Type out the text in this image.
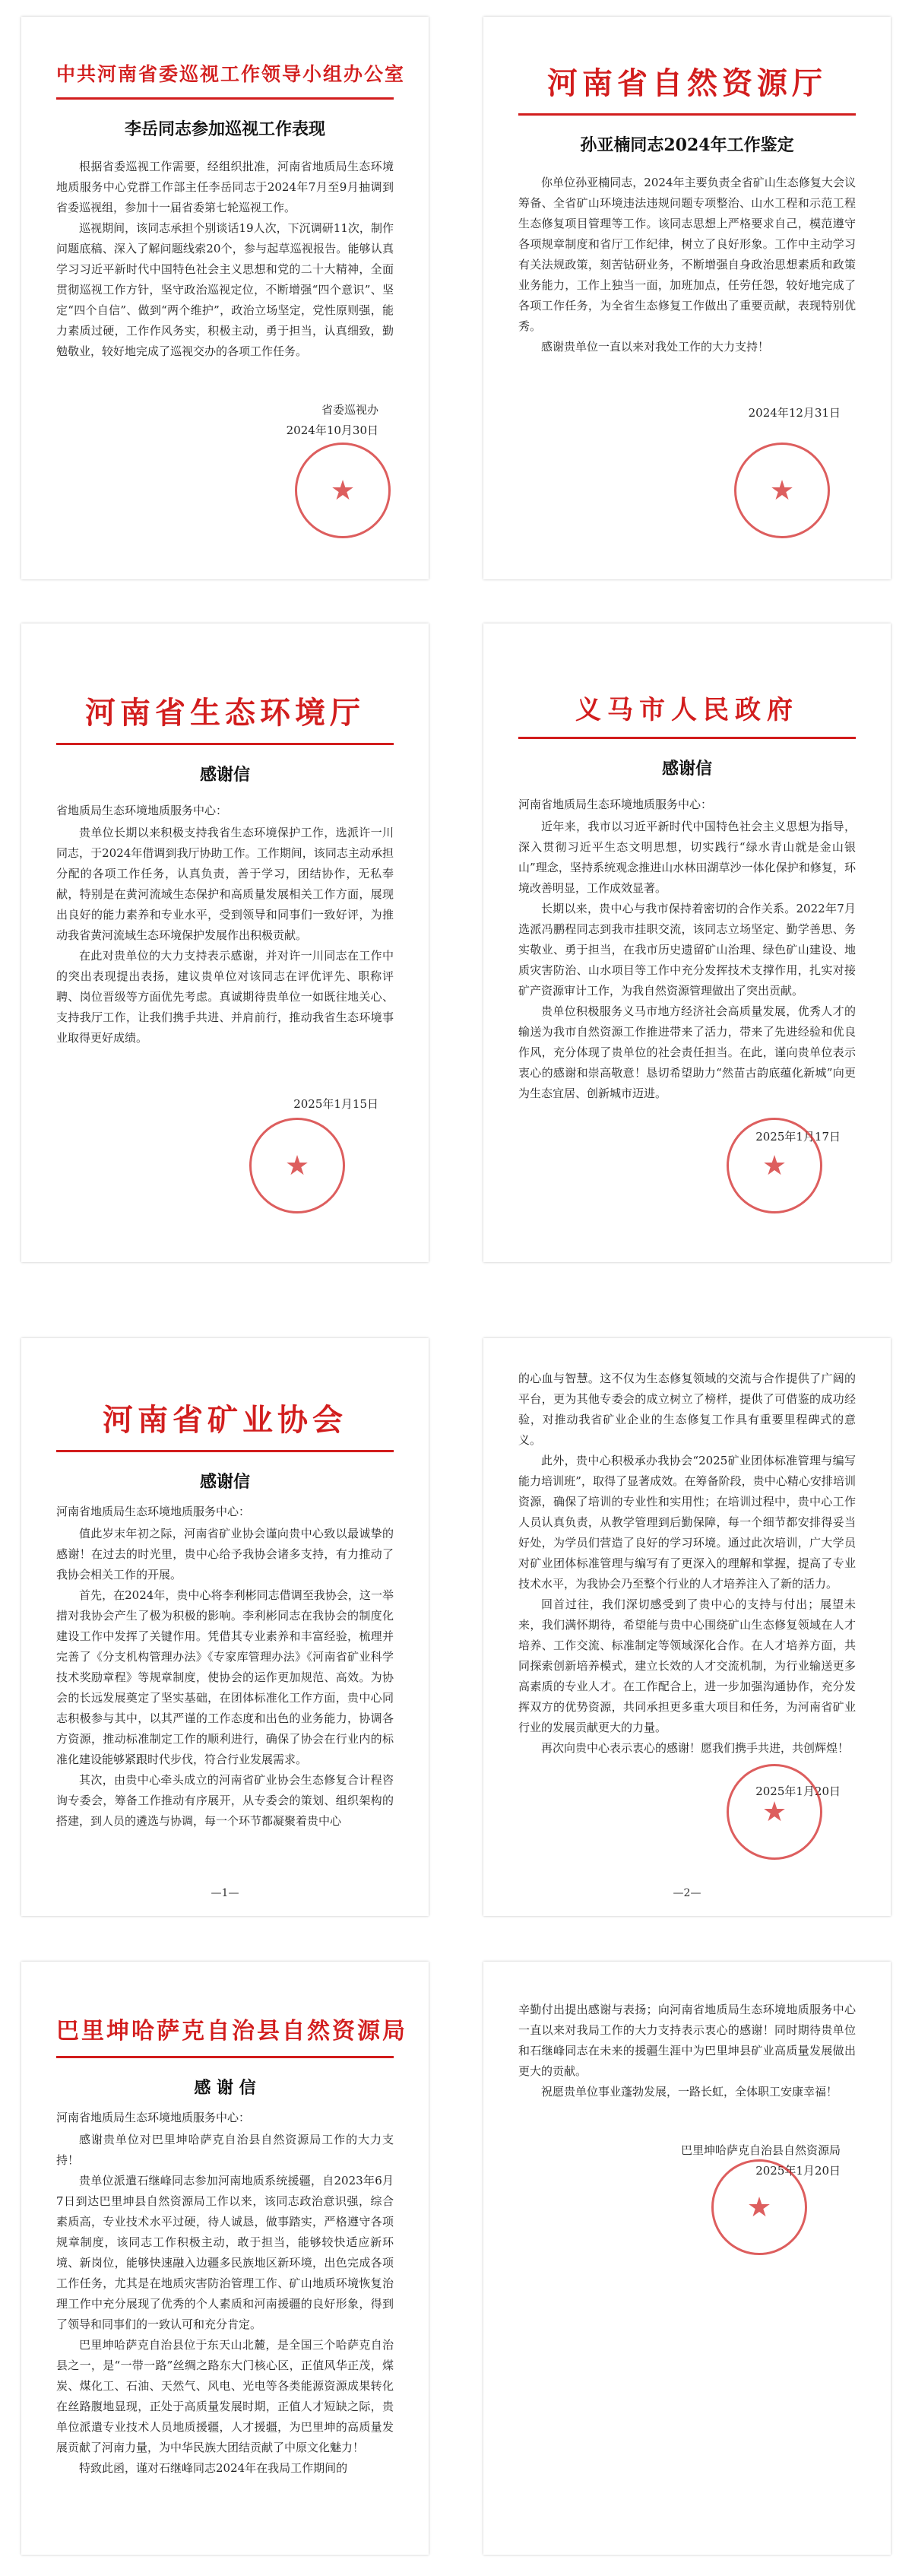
中共河南省委巡视工作领导小组办公室
李岳同志参加巡视工作表现

根据省委巡视工作需要，经组织批准，河南省地质局生态环境地质服务中心党群工作部主任李岳同志于2024年7月至9月抽调到省委巡视组，参加十一届省委第七轮巡视工作。

巡视期间，该同志承担个别谈话19人次，下沉调研11次，制作问题底稿、深入了解问题线索20个，参与起草巡视报告。能够认真学习习近平新时代中国特色社会主义思想和党的二十大精神，全面贯彻巡视工作方针，坚守政治巡视定位，不断增强“四个意识”、坚定“四个自信”、做到“两个维护”，政治立场坚定，党性原则强，能力素质过硬，工作作风务实，积极主动，勇于担当，认真细致，勤勉敬业，较好地完成了巡视交办的各项工作任务。

省委巡视办
2024年10月30日
★
河南省自然资源厅
孙亚楠同志2024年工作鉴定

你单位孙亚楠同志，2024年主要负责全省矿山生态修复大会议筹备、全省矿山环境违法违规问题专项整治、山水工程和示范工程生态修复项目管理等工作。该同志思想上严格要求自己，模范遵守各项规章制度和省厅工作纪律，树立了良好形象。工作中主动学习有关法规政策，刻苦钻研业务，不断增强自身政治思想素质和政策业务能力，工作上独当一面，加班加点，任劳任怨，较好地完成了各项工作任务，为全省生态修复工作做出了重要贡献，表现特别优秀。

感谢贵单位一直以来对我处工作的大力支持！

2024年12月31日
★
河南省生态环境厅
感谢信

省地质局生态环境地质服务中心：

贵单位长期以来积极支持我省生态环境保护工作，选派许一川同志，于2024年借调到我厅协助工作。工作期间，该同志主动承担分配的各项工作任务，认真负责，善于学习，团结协作，无私奉献，特别是在黄河流域生态保护和高质量发展相关工作方面，展现出良好的能力素养和专业水平，受到领导和同事们一致好评，为推动我省黄河流域生态环境保护发展作出积极贡献。

在此对贵单位的大力支持表示感谢，并对许一川同志在工作中的突出表现提出表扬，建议贵单位对该同志在评优评先、职称评聘、岗位晋级等方面优先考虑。真诚期待贵单位一如既往地关心、支持我厅工作，让我们携手共进、并肩前行，推动我省生态环境事业取得更好成绩。

2025年1月15日
★
义马市人民政府
感谢信

河南省地质局生态环境地质服务中心：

近年来，我市以习近平新时代中国特色社会主义思想为指导，深入贯彻习近平生态文明思想，切实践行“绿水青山就是金山银山”理念，坚持系统观念推进山水林田湖草沙一体化保护和修复，环境改善明显，工作成效显著。

长期以来，贵中心与我市保持着密切的合作关系。2022年7月选派冯鹏程同志到我市挂职交流，该同志立场坚定、勤学善思、务实敬业、勇于担当，在我市历史遗留矿山治理、绿色矿山建设、地质灾害防治、山水项目等工作中充分发挥技术支撑作用，扎实对接矿产资源审计工作，为我自然资源管理做出了突出贡献。

贵单位积极服务义马市地方经济社会高质量发展，优秀人才的输送为我市自然资源工作推进带来了活力，带来了先进经验和优良作风，充分体现了贵单位的社会责任担当。在此，谨向贵单位表示衷心的感谢和崇高敬意！恳切希望助力“然苗古韵底蕴化新城”向更为生态宜居、创新城市迈进。

2025年1月17日
★
河南省矿业协会
感谢信

河南省地质局生态环境地质服务中心：

值此岁末年初之际，河南省矿业协会谨向贵中心致以最诚挚的感谢！在过去的时光里，贵中心给予我协会诸多支持，有力推动了我协会相关工作的开展。

首先，在2024年，贵中心将李利彬同志借调至我协会，这一举措对我协会产生了极为积极的影响。李利彬同志在我协会的制度化建设工作中发挥了关键作用。凭借其专业素养和丰富经验，梳理并完善了《分支机构管理办法》《专家库管理办法》《河南省矿业科学技术奖励章程》等规章制度，使协会的运作更加规范、高效。为协会的长远发展奠定了坚实基础，在团体标准化工作方面，贵中心同志积极参与其中，以其严谨的工作态度和出色的业务能力，协调各方资源，推动标准制定工作的顺利进行，确保了协会在行业内的标准化建设能够紧跟时代步伐，符合行业发展需求。

其次，由贵中心牵头成立的河南省矿业协会生态修复合计程咨询专委会，筹备工作推动有序展开，从专委会的策划、组织架构的搭建，到人员的遴选与协调，每一个环节都凝聚着贵中心

—1—

的心血与智慧。这不仅为生态修复领域的交流与合作提供了广阔的平台，更为其他专委会的成立树立了榜样，提供了可借鉴的成功经验，对推动我省矿业企业的生态修复工作具有重要里程碑式的意义。

此外，贵中心积极承办我协会“2025矿业团体标准管理与编写能力培训班”，取得了显著成效。在筹备阶段，贵中心精心安排培训资源，确保了培训的专业性和实用性；在培训过程中，贵中心工作人员认真负责，从教学管理到后勤保障，每一个细节都安排得妥当好处，为学员们营造了良好的学习环境。通过此次培训，广大学员对矿业团体标准管理与编写有了更深入的理解和掌握，提高了专业技术水平，为我协会乃至整个行业的人才培养注入了新的活力。

回首过往，我们深切感受到了贵中心的支持与付出；展望未来，我们满怀期待，希望能与贵中心围绕矿山生态修复领域在人才培养、工作交流、标准制定等领域深化合作。在人才培养方面，共同探索创新培养模式，建立长效的人才交流机制，为行业输送更多高素质的专业人才。在工作配合上，进一步加强沟通协作，充分发挥双方的优势资源，共同承担更多重大项目和任务，为河南省矿业行业的发展贡献更大的力量。

再次向贵中心表示衷心的感谢！愿我们携手共进，共创辉煌！

2025年1月20日
★
—2—
巴里坤哈萨克自治县自然资源局
感 谢 信

河南省地质局生态环境地质服务中心：

感谢贵单位对巴里坤哈萨克自治县自然资源局工作的大力支持！

贵单位派遣石继峰同志参加河南地质系统援疆，自2023年6月7日到达巴里坤县自然资源局工作以来，该同志政治意识强，综合素质高，专业技术水平过硬，待人诚恳，做事踏实，严格遵守各项规章制度，该同志工作积极主动，敢于担当，能够较快适应新环境、新岗位，能够快速融入边疆多民族地区新环境，出色完成各项工作任务，尤其是在地质灾害防治管理工作、矿山地质环境恢复治理工作中充分展现了优秀的个人素质和河南援疆的良好形象，得到了领导和同事们的一致认可和充分肯定。

巴里坤哈萨克自治县位于东天山北麓，是全国三个哈萨克自治县之一，是“一带一路”丝绸之路东大门核心区，正值风华正茂，煤炭、煤化工、石油、天然气、风电、光电等各类能源资源成果转化在丝路腹地显现，正处于高质量发展时期，正值人才短缺之际，贵单位派遣专业技术人员地质援疆，人才援疆，为巴里坤的高质量发展贡献了河南力量，为中华民族大团结贡献了中原文化魅力！

特致此函，谨对石继峰同志2024年在我局工作期间的

辛勤付出提出感谢与表扬；向河南省地质局生态环境地质服务中心一直以来对我局工作的大力支持表示衷心的感谢！同时期待贵单位和石继峰同志在未来的援疆生涯中为巴里坤县矿业高质量发展做出更大的贡献。

祝愿贵单位事业蓬勃发展，一路长虹，全体职工安康幸福！

巴里坤哈萨克自治县自然资源局
2025年1月20日
★
